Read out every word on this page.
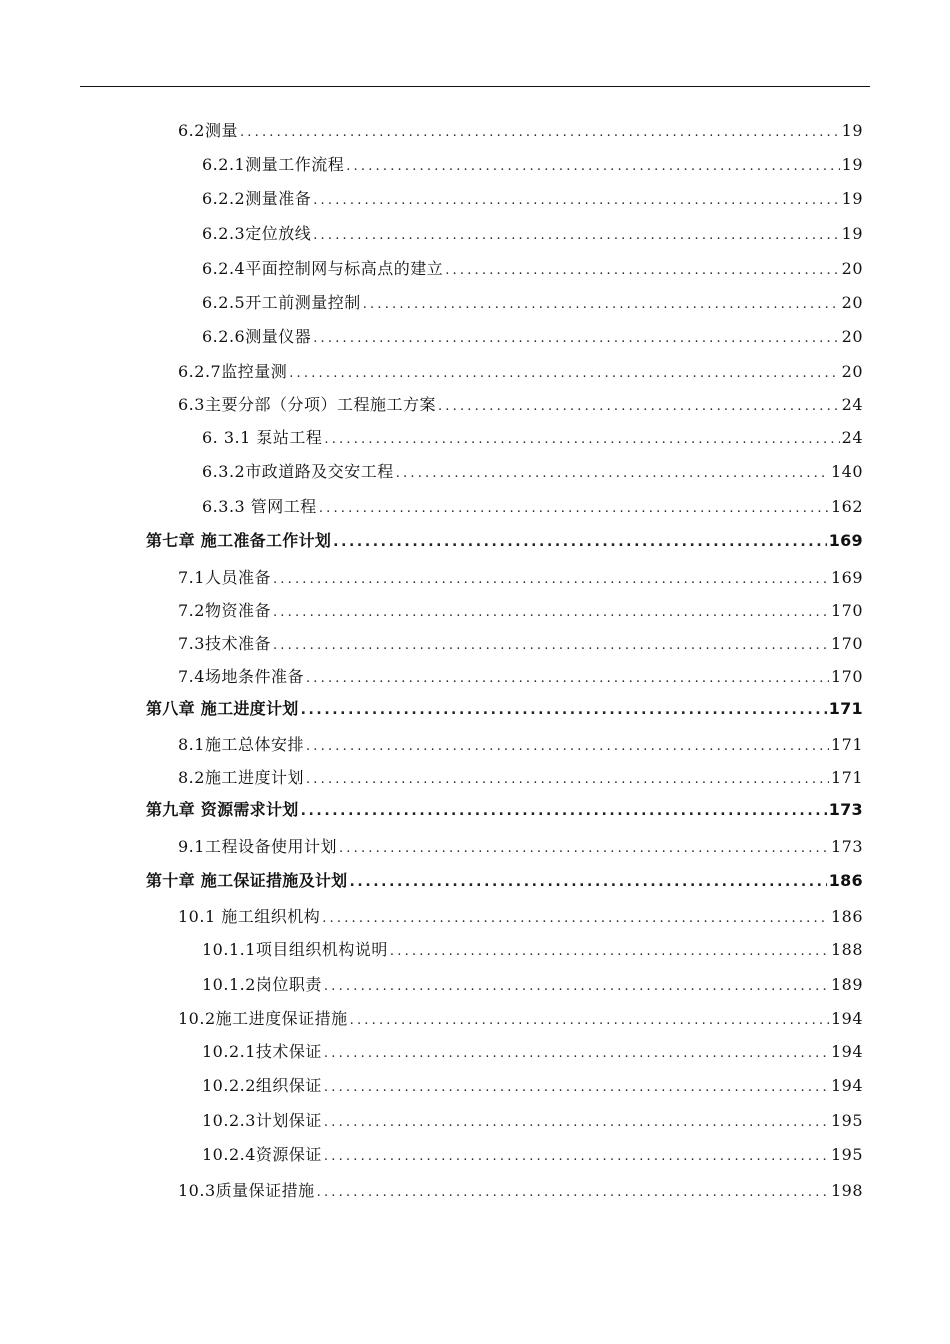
6.2测量 .....	19
6.2.1测量工作流程 .....	19
6.2.2测量准备 .....	19
6.2.3定位放线 .....	19
6.2.4平面控制网与标高点的建立 .....	20
6.2.5开工前测量控制 .....	20
6.2.6测量仪器 .....	20
6.2.7监控量测 .....	20
6.3主要分部（分项）工程施工方案 .....	24
6. 3.1 泵站工程 .....	24
6.3.2市政道路及交安工程 .....	140
6.3.3 管网工程 .....	162
第七章 施工准备工作计划 .....	169
7.1人员准备 .....	169
7.2物资准备 .....	170
7.3技术准备 .....	170
7.4场地条件准备 .....	170
第八章 施工进度计划 .....	171
8.1施工总体安排 .....	171
8.2施工进度计划 .....	171
第九章 资源需求计划 .....	173
9.1工程设备使用计划 .....	173
第十章 施工保证措施及计划 .....	186
10.1 施工组织机构 .....	186
10.1.1项目组织机构说明 .....	188
10.1.2岗位职责 .....	189
10.2施工进度保证措施 .....	194
10.2.1技术保证 .....	194
10.2.2组织保证 .....	194
10.2.3计划保证 .....	195
10.2.4资源保证 .....	195
10.3质量保证措施 .....	198
